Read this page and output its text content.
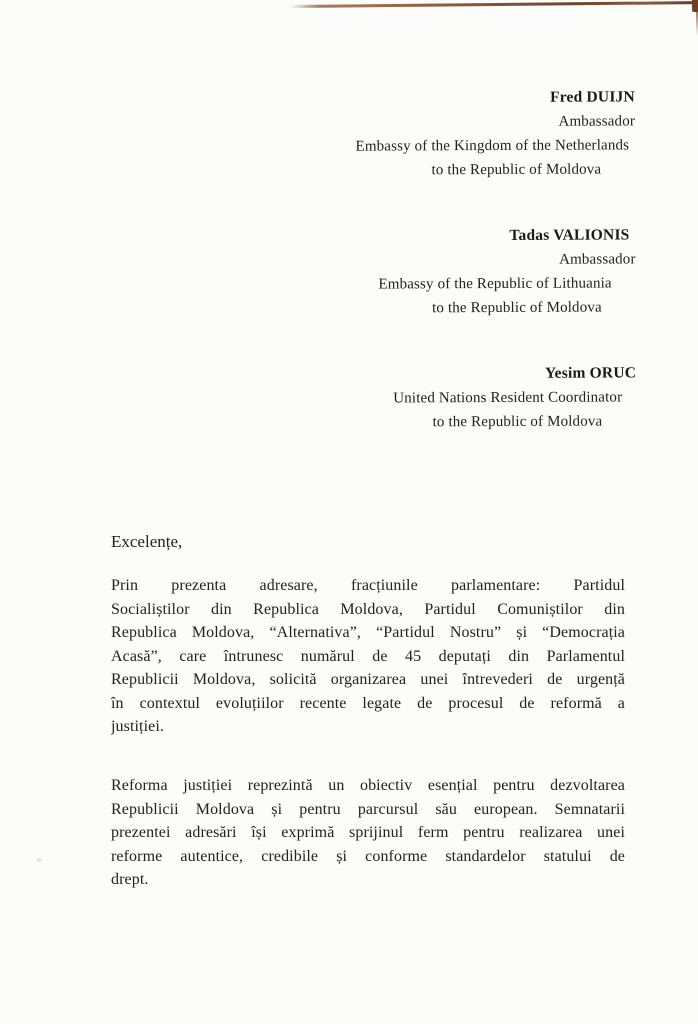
Fred DUIJN
Ambassador
Embassy of the Kingdom of the Netherlands
to the Republic of Moldova
Tadas VALIONIS
Ambassador
Embassy of the Republic of Lithuania
to the Republic of Moldova
Yesim ORUC
United Nations Resident Coordinator
to the Republic of Moldova
Excelențe,
Prin prezenta adresare, fracțiunile parlamentare: Partidul
Socialiștilor din Republica Moldova, Partidul Comuniștilor din
Republica Moldova, “Alternativa”, “Partidul Nostru” și “Democrația
Acasă”, care întrunesc numărul de 45 deputați din Parlamentul
Republicii Moldova, solicită organizarea unei întrevederi de urgență
în contextul evoluțiilor recente legate de procesul de reformă a
justiției.
Reforma justiției reprezintă un obiectiv esențial pentru dezvoltarea
Republicii Moldova și pentru parcursul său european. Semnatarii
prezentei adresări își exprimă sprijinul ferm pentru realizarea unei
reforme autentice, credibile și conforme standardelor statului de
drept.
